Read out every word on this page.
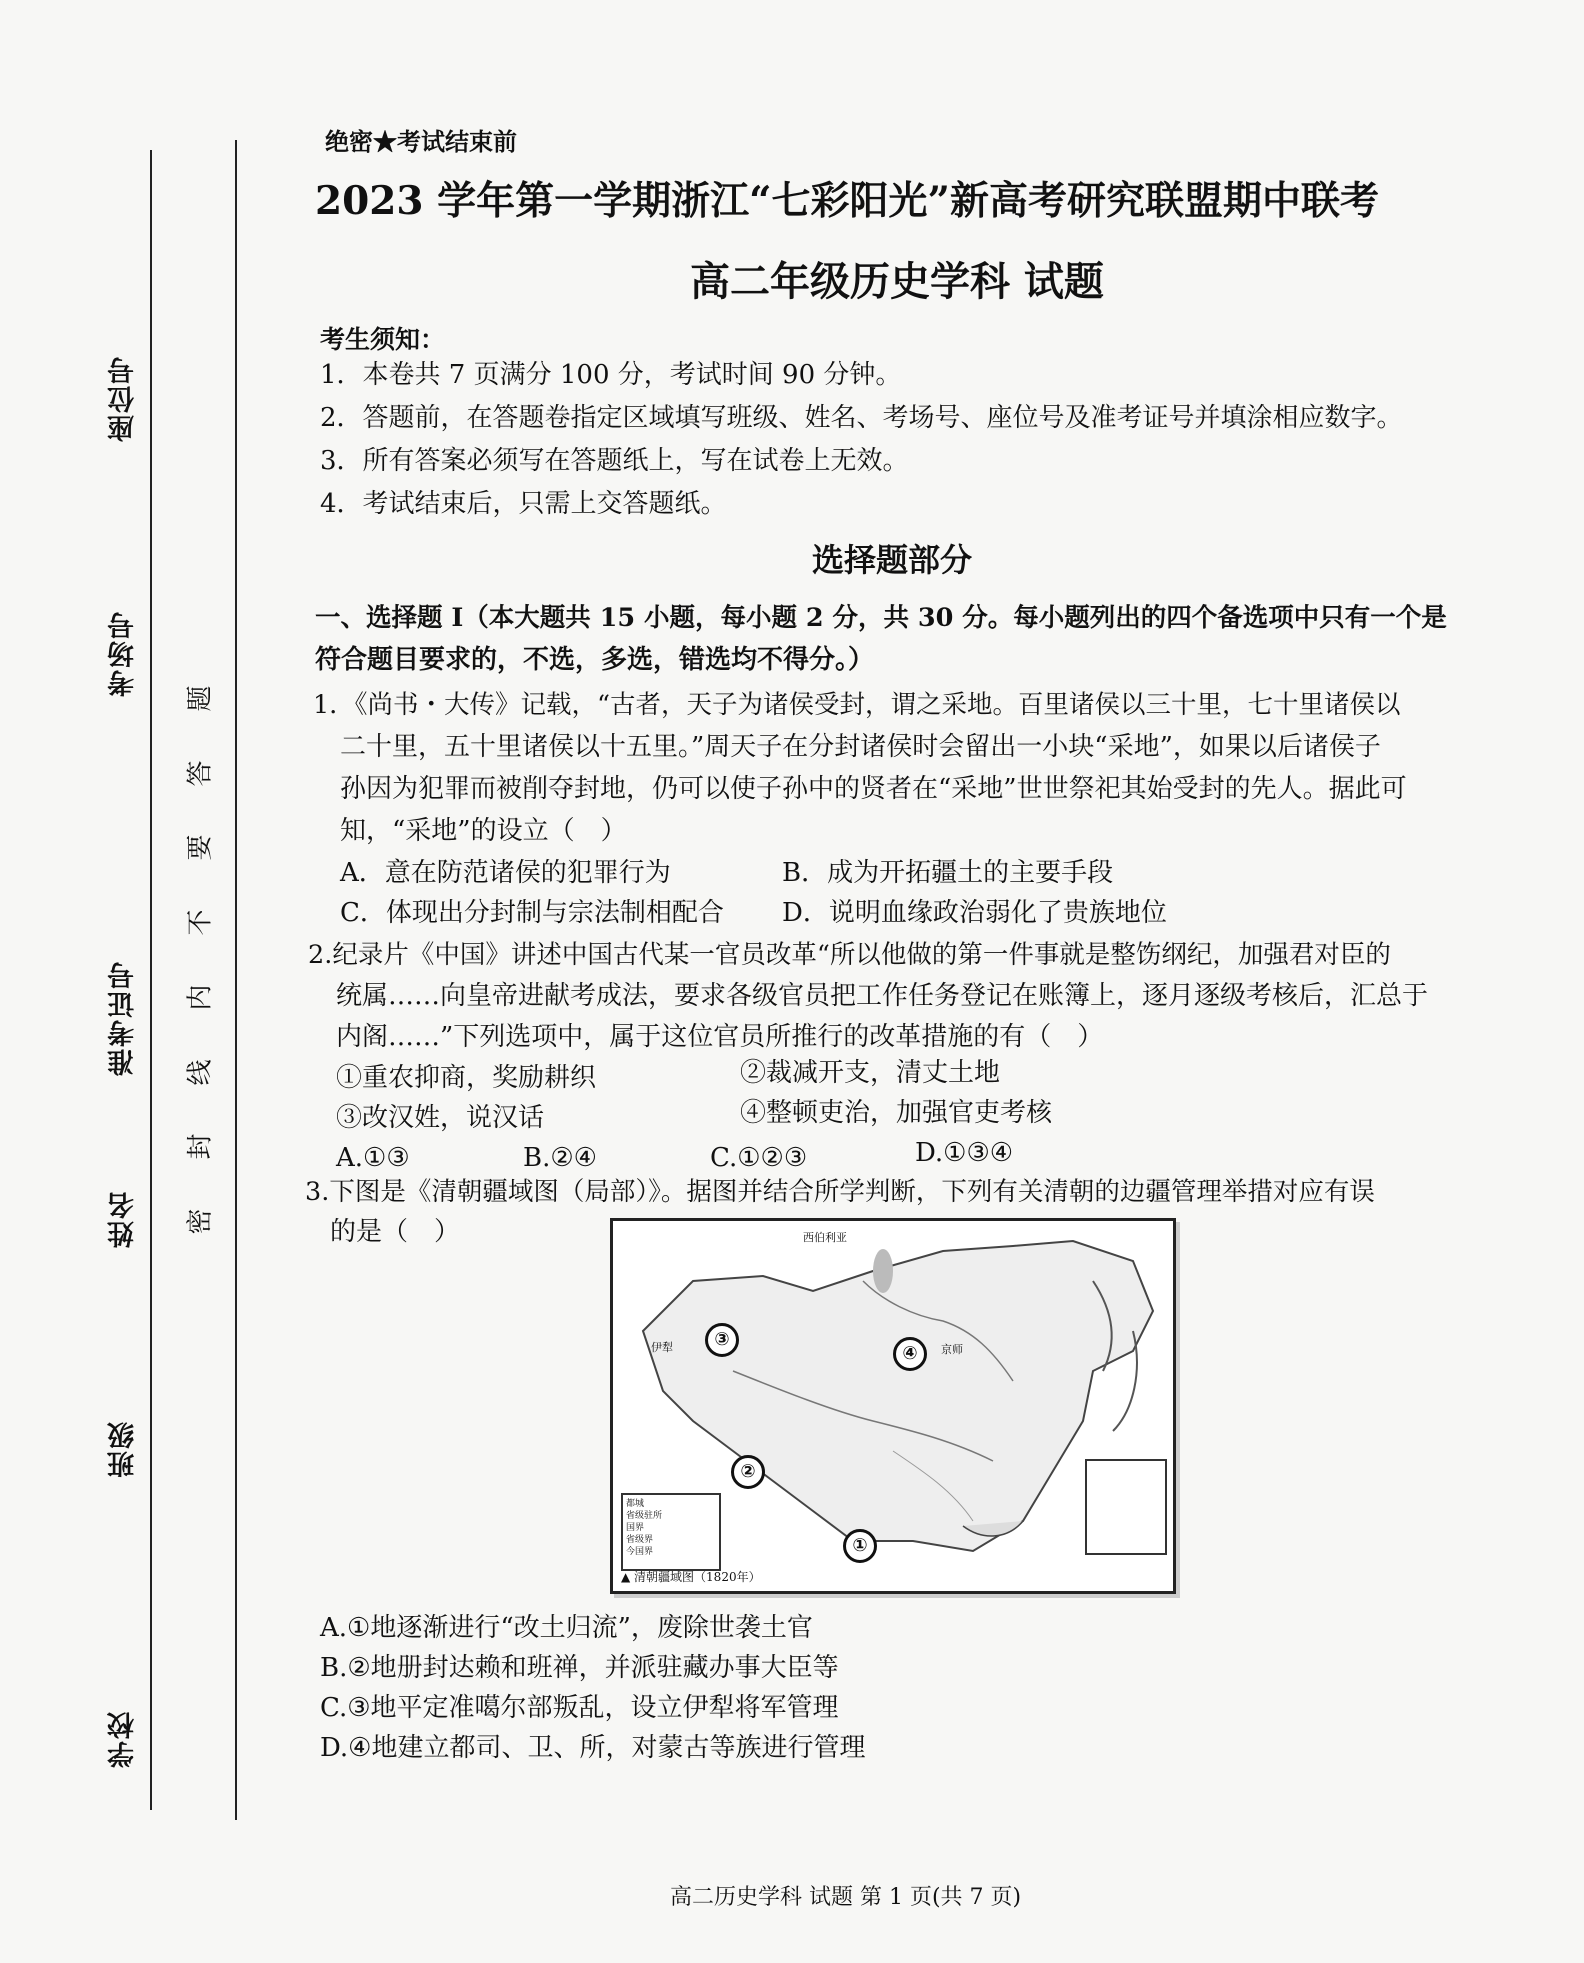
座位号
考场号
准考证号
姓名
班级
学校
题
答
要
不
内
线
封
密
绝密★考试结束前
2023 学年第一学期浙江“七彩阳光”新高考研究联盟期中联考
高二年级历史学科 试题
考生须知：
1．本卷共 7 页满分 100 分，考试时间 90 分钟。
2．答题前，在答题卷指定区域填写班级、姓名、考场号、座位号及准考证号并填涂相应数字。
3．所有答案必须写在答题纸上，写在试卷上无效。
4．考试结束后，只需上交答题纸。
选择题部分
一、选择题 I（本大题共 15 小题，每小题 2 分，共 30 分。每小题列出的四个备选项中只有一个是
符合题目要求的，不选，多选，错选均不得分。）
1．《尚书・大传》记载，“古者，天子为诸侯受封，谓之采地。百里诸侯以三十里，七十里诸侯以
二十里，五十里诸侯以十五里。”周天子在分封诸侯时会留出一小块“采地”，如果以后诸侯子
孙因为犯罪而被削夺封地，仍可以使子孙中的贤者在“采地”世世祭祀其始受封的先人。据此可
知，“采地”的设立（　）
A．意在防范诸侯的犯罪行为	B．成为开拓疆土的主要手段
C．体现出分封制与宗法制相配合 D．说明血缘政治弱化了贵族地位
2.纪录片《中国》讲述中国古代某一官员改革“所以他做的第一件事就是整饬纲纪，加强君对臣的
统属……向皇帝进献考成法，要求各级官员把工作任务登记在账簿上，逐月逐级考核后，汇总于
内阁……”下列选项中，属于这位官员所推行的改革措施的有（　）
①重农抑商，奖励耕织	②裁减开支，清丈土地
③改汉姓，说汉话	④整顿吏治，加强官吏考核
A.①③	B.②④	C.①②③	D.①③④
3.下图是《清朝疆域图（局部）》。据图并结合所学判断，下列有关清朝的边疆管理举措对应有误
的是（　）	西伯利亚
京师
伊犁
①
②
③
④
都城
省级驻所
国界
省级界
今国界
▲ 清朝疆域图（1820年）
A.①地逐渐进行“改土归流”，废除世袭土官
B.②地册封达赖和班禅，并派驻藏办事大臣等
C.③地平定准噶尔部叛乱，设立伊犁将军管理
D.④地建立都司、卫、所，对蒙古等族进行管理
高二历史学科 试题 第 1 页(共 7 页)
